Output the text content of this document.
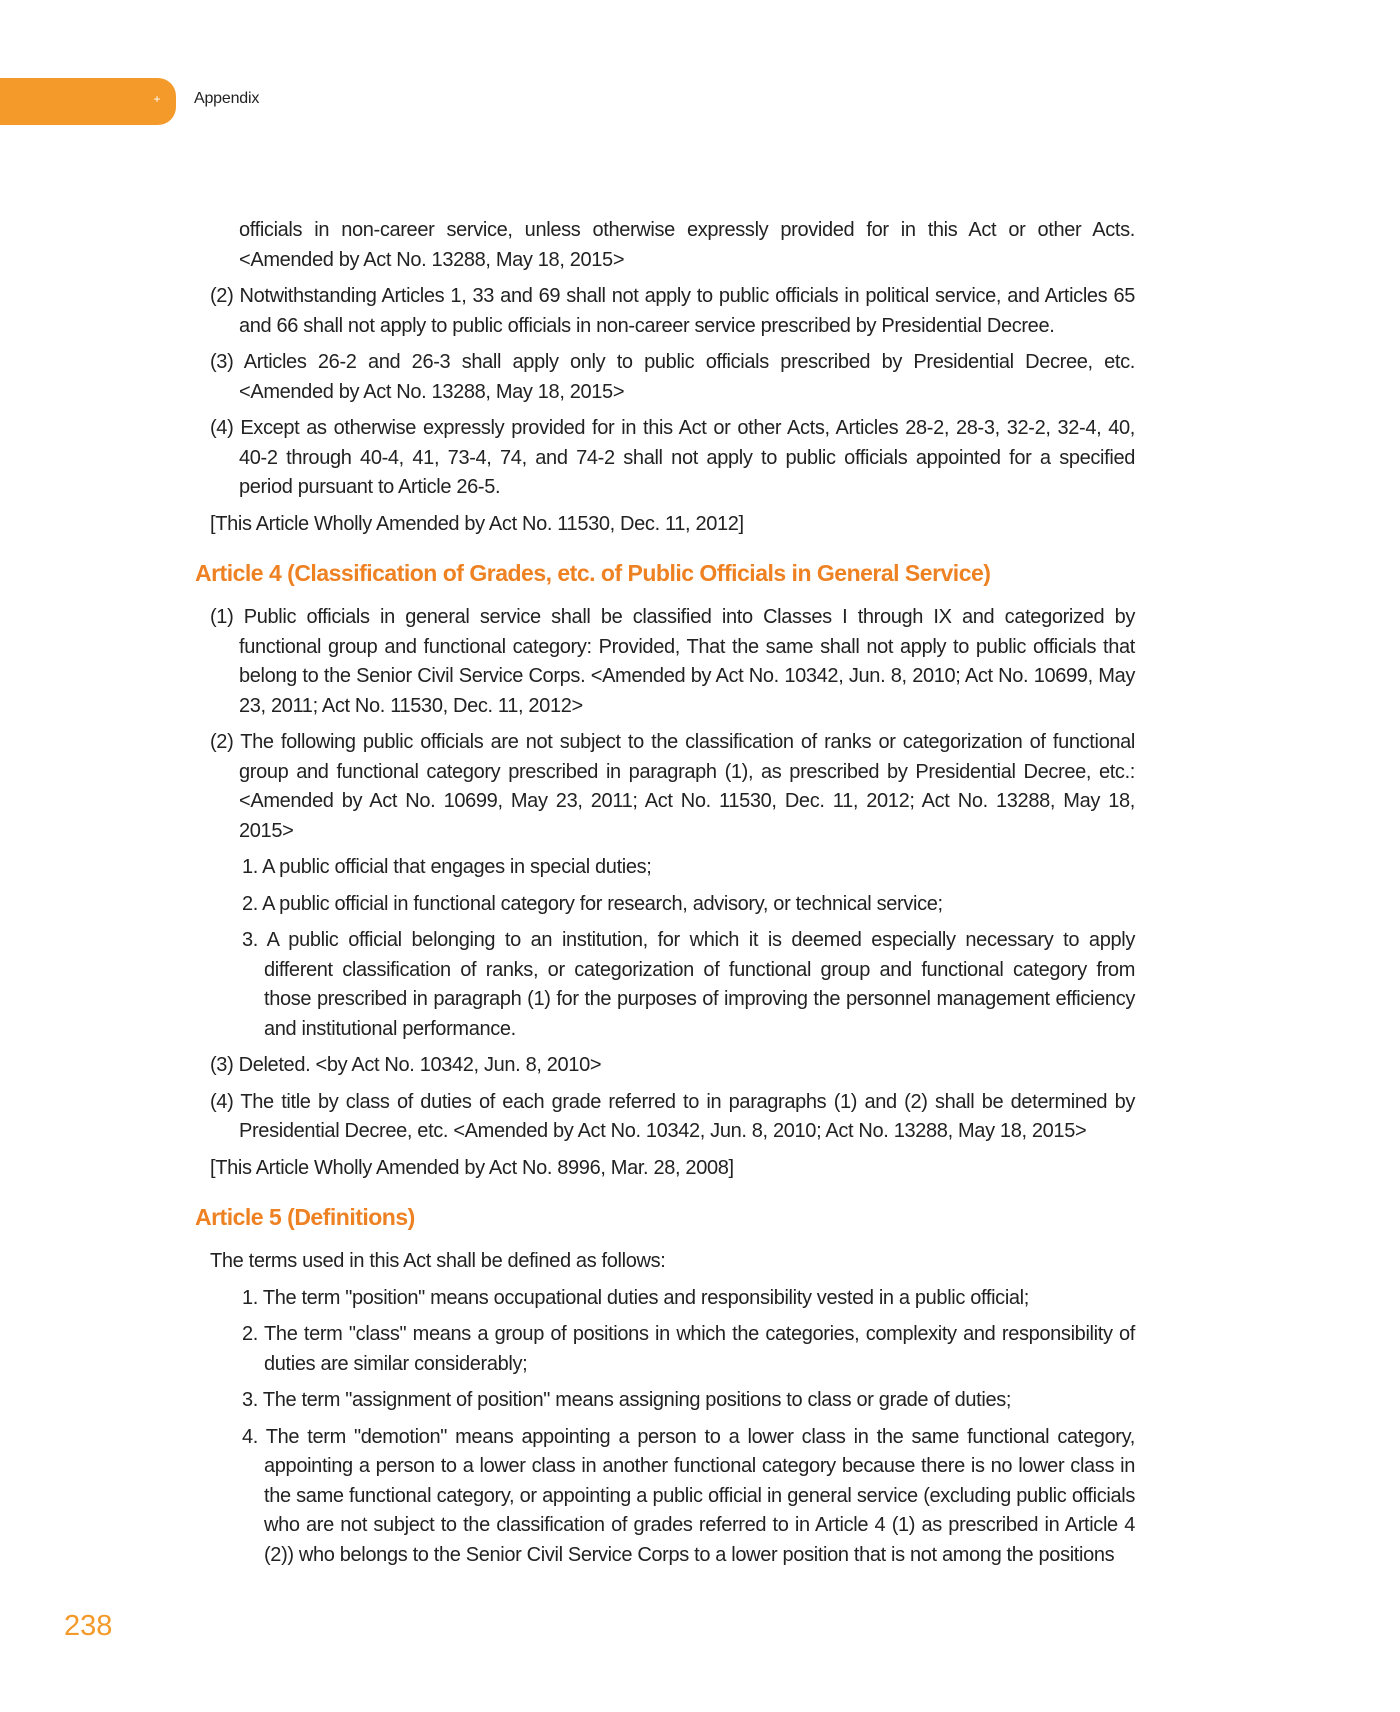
+ Appendix

officials in non-career service, unless otherwise expressly provided for in this Act or other Acts. <Amended by Act No. 13288, May 18, 2015>

(2) Notwithstanding Articles 1, 33 and 69 shall not apply to public officials in political service, and Articles 65 and 66 shall not apply to public officials in non-career service prescribed by Presidential Decree.

(3) Articles 26-2 and 26-3 shall apply only to public officials prescribed by Presidential Decree, etc. <Amended by Act No. 13288, May 18, 2015>

(4) Except as otherwise expressly provided for in this Act or other Acts, Articles 28-2, 28-3, 32-2, 32-4, 40, 40-2 through 40-4, 41, 73-4, 74, and 74-2 shall not apply to public officials appointed for a specified period pursuant to Article 26-5.

[This Article Wholly Amended by Act No. 11530, Dec. 11, 2012]

Article 4 (Classification of Grades, etc. of Public Officials in General Service)

(1) Public officials in general service shall be classified into Classes I through IX and categorized by functional group and functional category: Provided, That the same shall not apply to public officials that belong to the Senior Civil Service Corps. <Amended by Act No. 10342, Jun. 8, 2010; Act No. 10699, May 23, 2011; Act No. 11530, Dec. 11, 2012>

(2) The following public officials are not subject to the classification of ranks or categorization of functional group and functional category prescribed in paragraph (1), as prescribed by Presidential Decree, etc.: <Amended by Act No. 10699, May 23, 2011; Act No. 11530, Dec. 11, 2012; Act No. 13288, May 18, 2015>

1. A public official that engages in special duties;

2. A public official in functional category for research, advisory, or technical service;

3. A public official belonging to an institution, for which it is deemed especially necessary to apply different classification of ranks, or categorization of functional group and functional category from those prescribed in paragraph (1) for the purposes of improving the personnel management efficiency and institutional performance.

(3) Deleted. <by Act No. 10342, Jun. 8, 2010>

(4) The title by class of duties of each grade referred to in paragraphs (1) and (2) shall be determined by Presidential Decree, etc. <Amended by Act No. 10342, Jun. 8, 2010; Act No. 13288, May 18, 2015>

[This Article Wholly Amended by Act No. 8996, Mar. 28, 2008]

Article 5 (Definitions)

The terms used in this Act shall be defined as follows:

1. The term "position" means occupational duties and responsibility vested in a public official;

2. The term "class" means a group of positions in which the categories, complexity and responsibility of duties are similar considerably;

3. The term "assignment of position" means assigning positions to class or grade of duties;

4. The term "demotion" means appointing a person to a lower class in the same functional category, appointing a person to a lower class in another functional category because there is no lower class in the same functional category, or appointing a public official in general service (excluding public officials who are not subject to the classification of grades referred to in Article 4 (1) as prescribed in Article 4 (2)) who belongs to the Senior Civil Service Corps to a lower position that is not among the positions

238
